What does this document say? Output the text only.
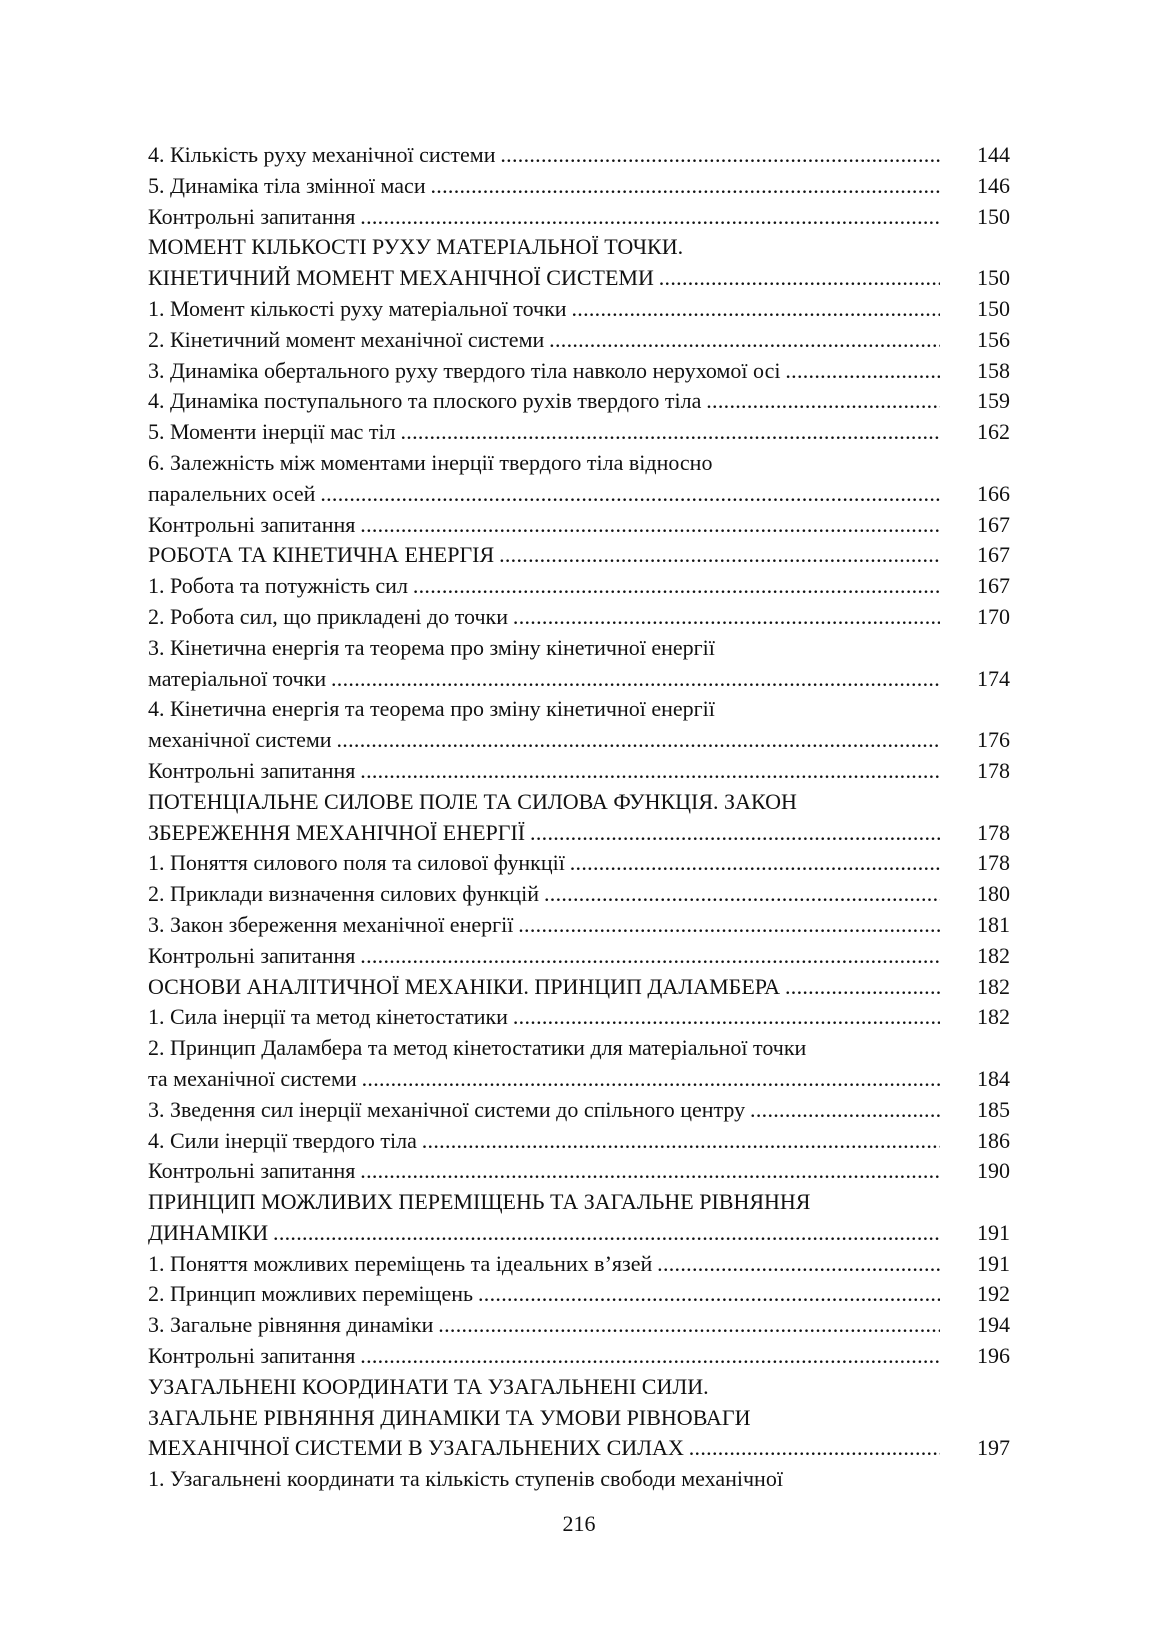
4. Кількість руху механічної системи . . .	144
5. Динаміка тіла змінної маси . . .	146
Контрольні запитання . . .	150
МОМЕНТ КІЛЬКОСТІ РУХУ МАТЕРІАЛЬНОЇ ТОЧКИ.
КІНЕТИЧНИЙ МОМЕНТ МЕХАНІЧНОЇ СИСТЕМИ . . .	150
1. Момент кількості руху матеріальної точки . . .	150
2. Кінетичний момент механічної системи . . .	156
3. Динаміка обертального руху твердого тіла навколо нерухомої осі . . .	158
4. Динаміка поступального та плоского рухів твердого тіла . . .	159
5. Моменти інерції мас тіл . . .	162
6. Залежність між моментами інерції твердого тіла відносно
паралельних осей . . .	166
Контрольні запитання . . .	167
РОБОТА ТА КІНЕТИЧНА ЕНЕРГІЯ . . .	167
1. Робота та потужність сил . . .	167
2. Робота сил, що прикладені до точки . . .	170
3. Кінетична енергія та теорема про зміну кінетичної енергії
матеріальної точки . . .	174
4. Кінетична енергія та теорема про зміну кінетичної енергії
механічної системи . . .	176
Контрольні запитання . . .	178
ПОТЕНЦІАЛЬНЕ СИЛОВЕ ПОЛЕ ТА СИЛОВА ФУНКЦІЯ. ЗАКОН
ЗБЕРЕЖЕННЯ МЕХАНІЧНОЇ ЕНЕРГІЇ . . .	178
1. Поняття силового поля та силової функції . . .	178
2. Приклади визначення силових функцій . . .	180
3. Закон збереження механічної енергії . . .	181
Контрольні запитання . . .	182
ОСНОВИ АНАЛІТИЧНОЇ МЕХАНІКИ. ПРИНЦИП ДАЛАМБЕРА . . .	182
1. Сила інерції та метод кінетостатики . . .	182
2. Принцип Даламбера та метод кінетостатики для матеріальної точки
та механічної системи . . .	184
3. Зведення сил інерції механічної системи до спільного центру . . .	185
4. Сили інерції твердого тіла . . .	186
Контрольні запитання . . .	190
ПРИНЦИП МОЖЛИВИХ ПЕРЕМІЩЕНЬ ТА ЗАГАЛЬНЕ РІВНЯННЯ
ДИНАМІКИ . . .	191
1. Поняття можливих переміщень та ідеальних в’язей . . .	191
2. Принцип можливих переміщень . . .	192
3. Загальне рівняння динаміки . . .	194
Контрольні запитання . . .	196
УЗАГАЛЬНЕНІ КООРДИНАТИ ТА УЗАГАЛЬНЕНІ СИЛИ.
ЗАГАЛЬНЕ РІВНЯННЯ ДИНАМІКИ ТА УМОВИ РІВНОВАГИ
МЕХАНІЧНОЇ СИСТЕМИ В УЗАГАЛЬНЕНИХ СИЛАХ . . .	197
1. Узагальнені координати та кількість ступенів свободи механічної
216
